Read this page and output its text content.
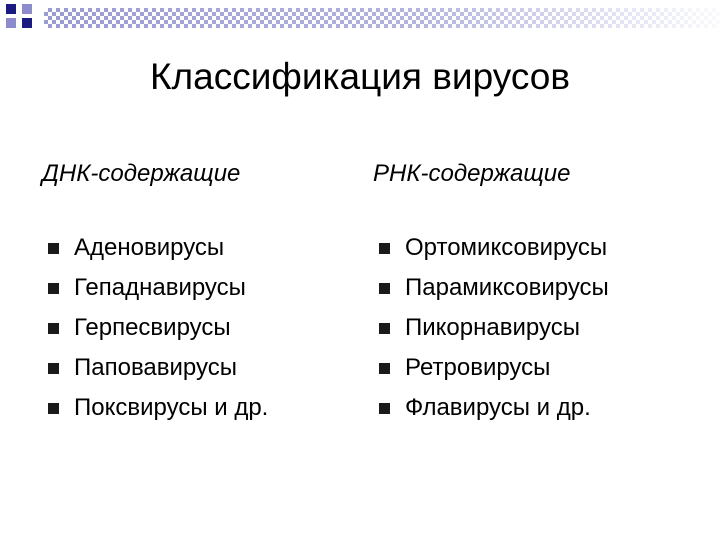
Классификация вирусов
ДНК-содержащие
Аденовирусы
Гепаднавирусы
Герпесвирусы
Паповавирусы
Поксвирусы и др.
РНК-содержащие
Ортомиксовирусы
Парамиксовирусы
Пикорнавирусы
Ретровирусы
Флавирусы и др.
